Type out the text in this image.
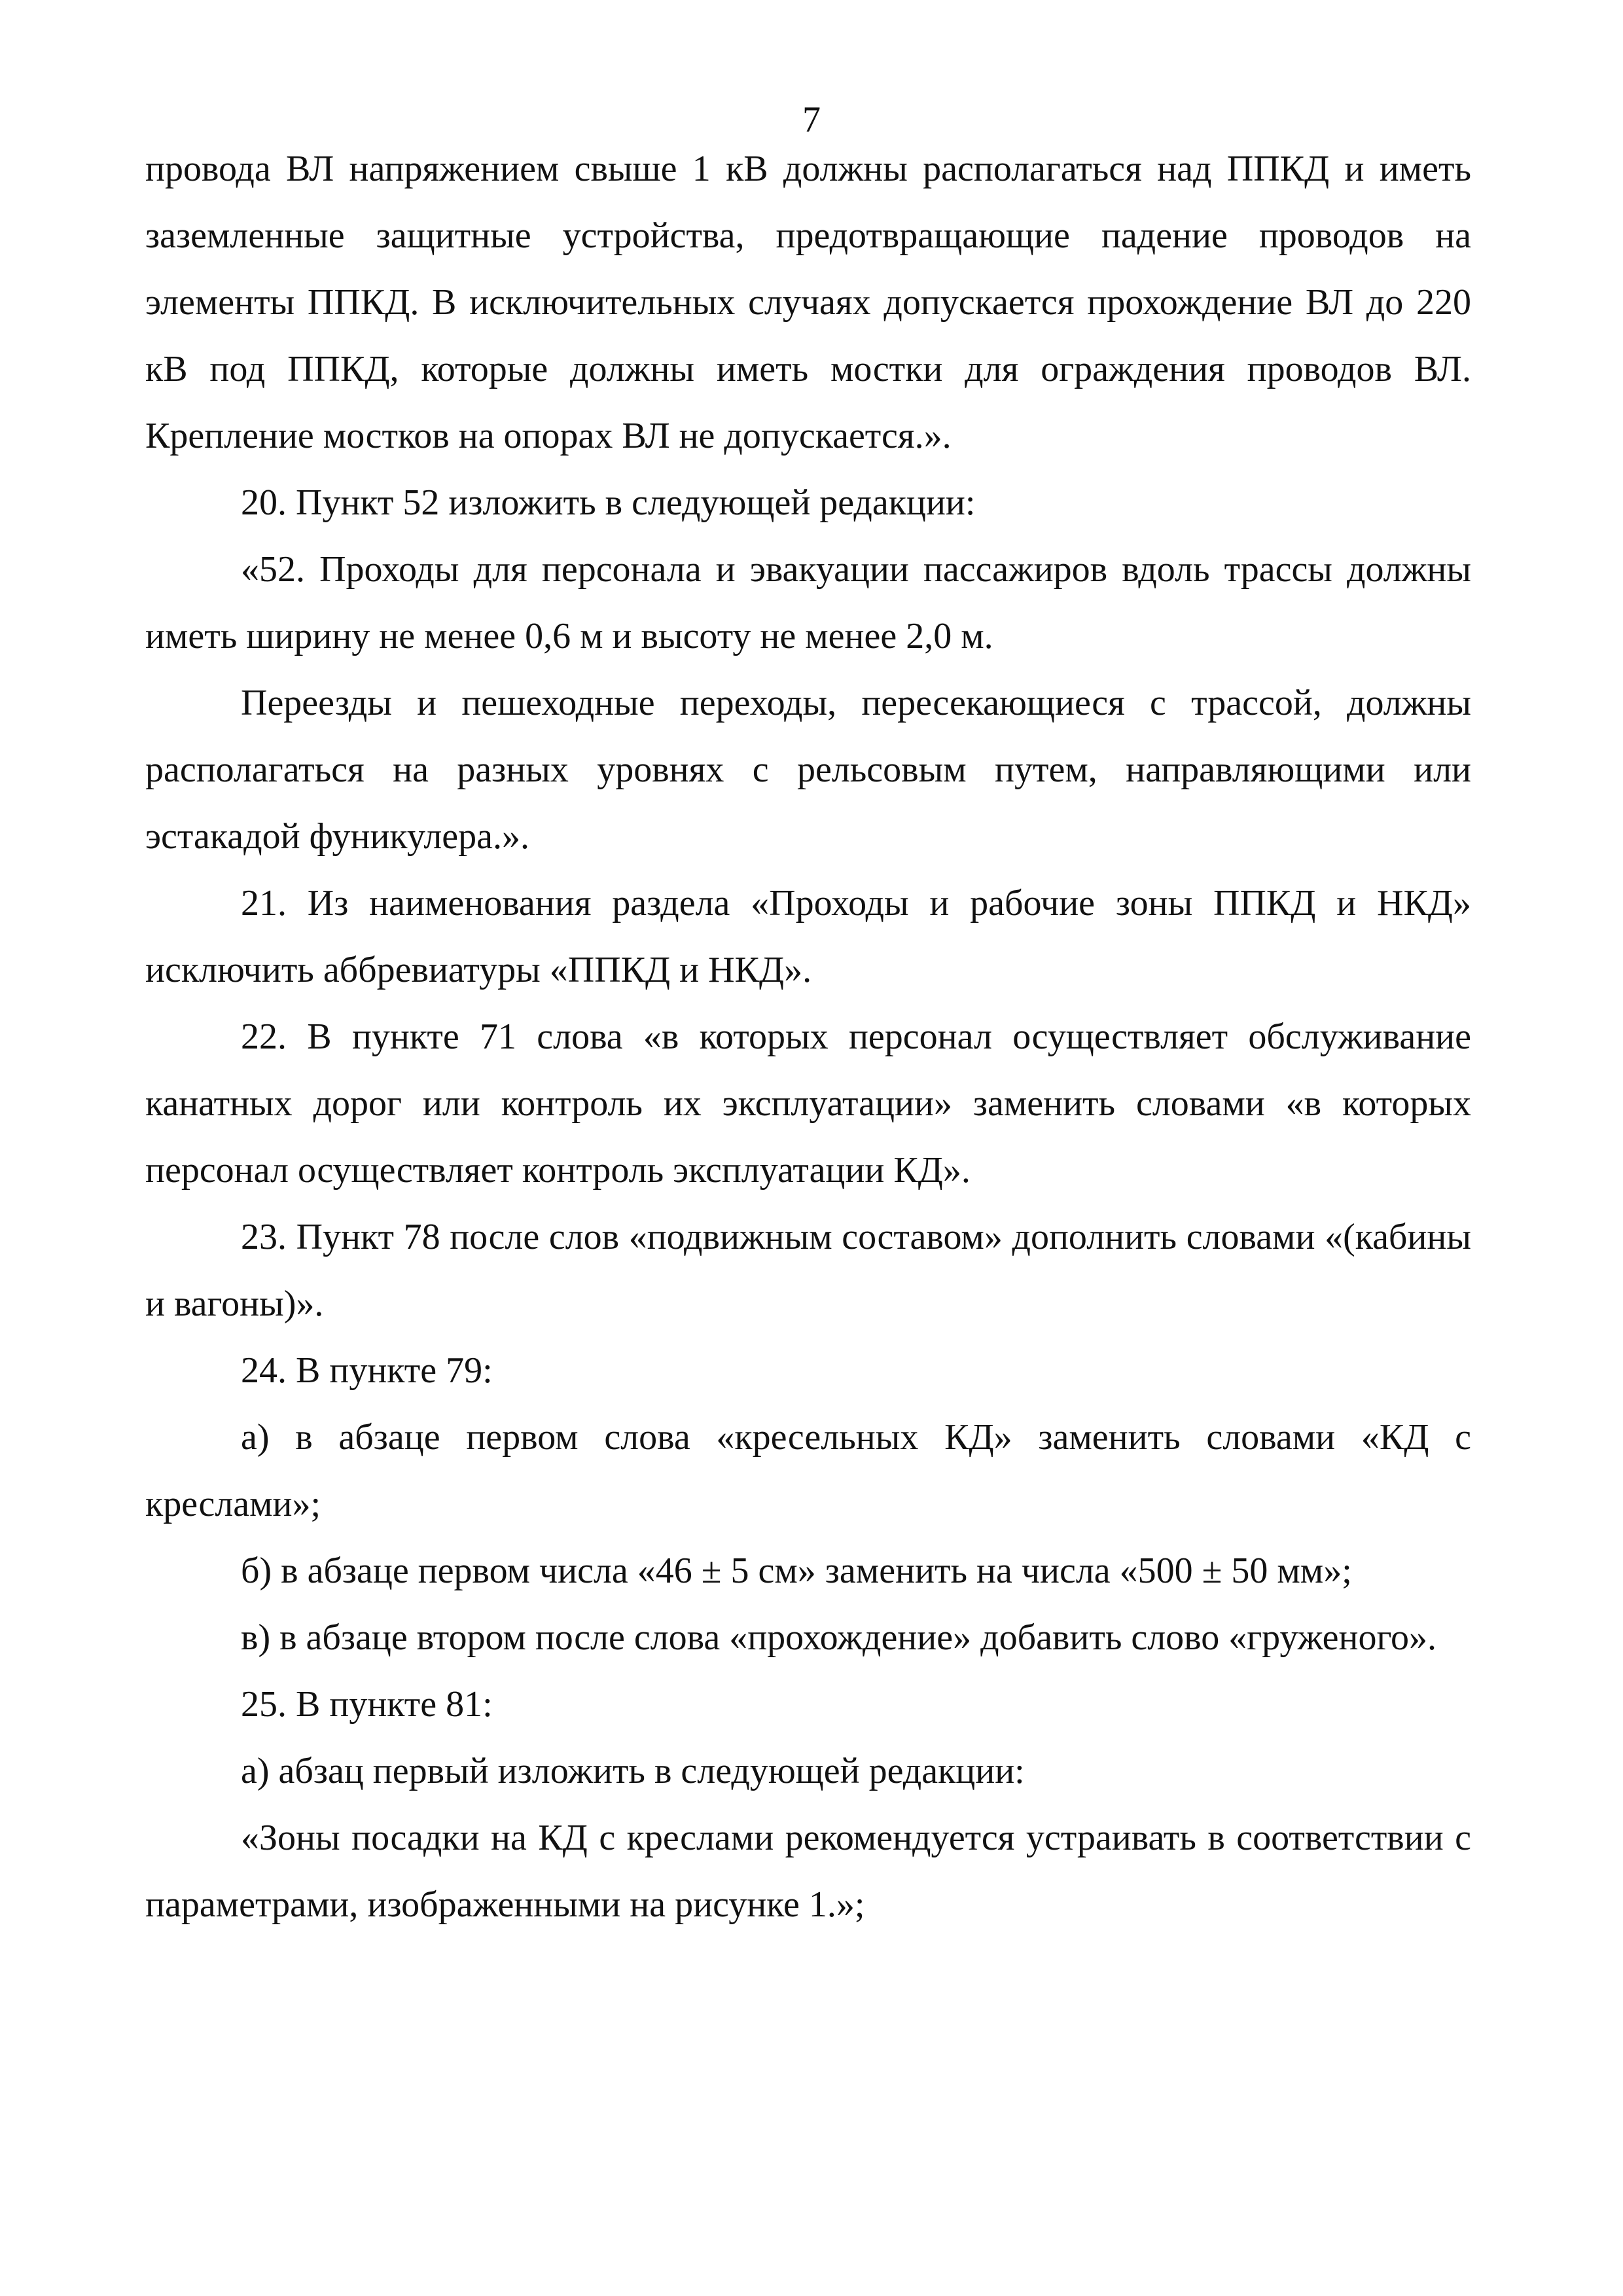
7

провода ВЛ напряжением свыше 1 кВ должны располагаться над ППКД и иметь заземленные защитные устройства, предотвращающие падение проводов на элементы ППКД. В исключительных случаях допускается прохождение ВЛ до 220 кВ под ППКД, которые должны иметь мостки для ограждения проводов ВЛ. Крепление мостков на опорах ВЛ не допускается.».

20. Пункт 52 изложить в следующей редакции:

«52. Проходы для персонала и эвакуации пассажиров вдоль трассы должны иметь ширину не менее 0,6 м и высоту не менее 2,0 м.

Переезды и пешеходные переходы, пересекающиеся с трассой, должны располагаться на разных уровнях с рельсовым путем, направляющими или эстакадой фуникулера.».

21. Из наименования раздела «Проходы и рабочие зоны ППКД и НКД» исключить аббревиатуры «ППКД и НКД».

22. В пункте 71 слова «в которых персонал осуществляет обслуживание канатных дорог или контроль их эксплуатации» заменить словами «в которых персонал осуществляет контроль эксплуатации КД».

23. Пункт 78 после слов «подвижным составом» дополнить словами «(кабины и вагоны)».

24. В пункте 79:

а) в абзаце первом слова «кресельных КД» заменить словами «КД с креслами»;

б) в абзаце первом числа «46 ± 5 см» заменить на числа «500 ± 50 мм»;

в) в абзаце втором после слова «прохождение» добавить слово «груженого».

25. В пункте 81:

а) абзац первый изложить в следующей редакции:

«Зоны посадки на КД с креслами рекомендуется устраивать в соответствии с параметрами, изображенными на рисунке 1.»;
